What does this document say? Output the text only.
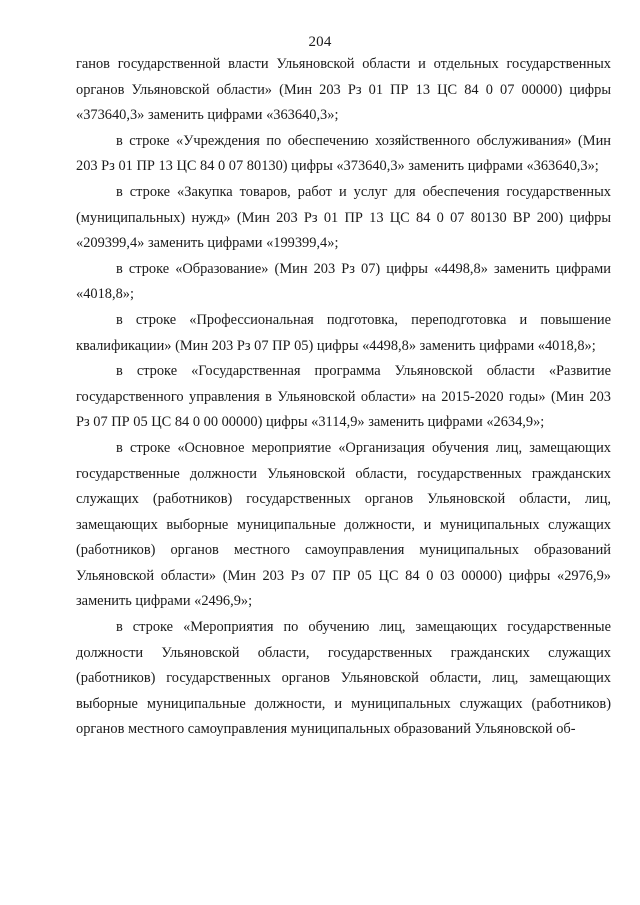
204

ганов государственной власти Ульяновской области и отдельных государственных органов Ульяновской области» (Мин 203 Рз 01 ПР 13 ЦС 84 0 07 00000) цифры «373640,3» заменить цифрами «363640,3»;

в строке «Учреждения по обеспечению хозяйственного обслуживания» (Мин 203 Рз 01 ПР 13 ЦС 84 0 07 80130) цифры «373640,3» заменить цифрами «363640,3»;

в строке «Закупка товаров, работ и услуг для обеспечения государственных (муниципальных) нужд» (Мин 203 Рз 01 ПР 13 ЦС 84 0 07 80130 ВР 200) цифры «209399,4» заменить цифрами «199399,4»;

в строке «Образование» (Мин 203 Рз 07) цифры «4498,8» заменить цифрами «4018,8»;

в строке «Профессиональная подготовка, переподготовка и повышение квалификации» (Мин 203 Рз 07 ПР 05) цифры «4498,8» заменить цифрами «4018,8»;

в строке «Государственная программа Ульяновской области «Развитие государственного управления в Ульяновской области» на 2015-2020 годы» (Мин 203 Рз 07 ПР 05 ЦС 84 0 00 00000) цифры «3114,9» заменить цифрами «2634,9»;

в строке «Основное мероприятие «Организация обучения лиц, замещающих государственные должности Ульяновской области, государственных гражданских служащих (работников) государственных органов Ульяновской области, лиц, замещающих выборные муниципальные должности, и муниципальных служащих (работников) органов местного самоуправления муниципальных образований Ульяновской области» (Мин 203 Рз 07 ПР 05 ЦС 84 0 03 00000) цифры «2976,9» заменить цифрами «2496,9»;

в строке «Мероприятия по обучению лиц, замещающих государственные должности Ульяновской области, государственных гражданских служащих (работников) государственных органов Ульяновской области, лиц, замещающих выборные муниципальные должности, и муниципальных служащих (работников) органов местного самоуправления муниципальных образований Ульяновской об-
